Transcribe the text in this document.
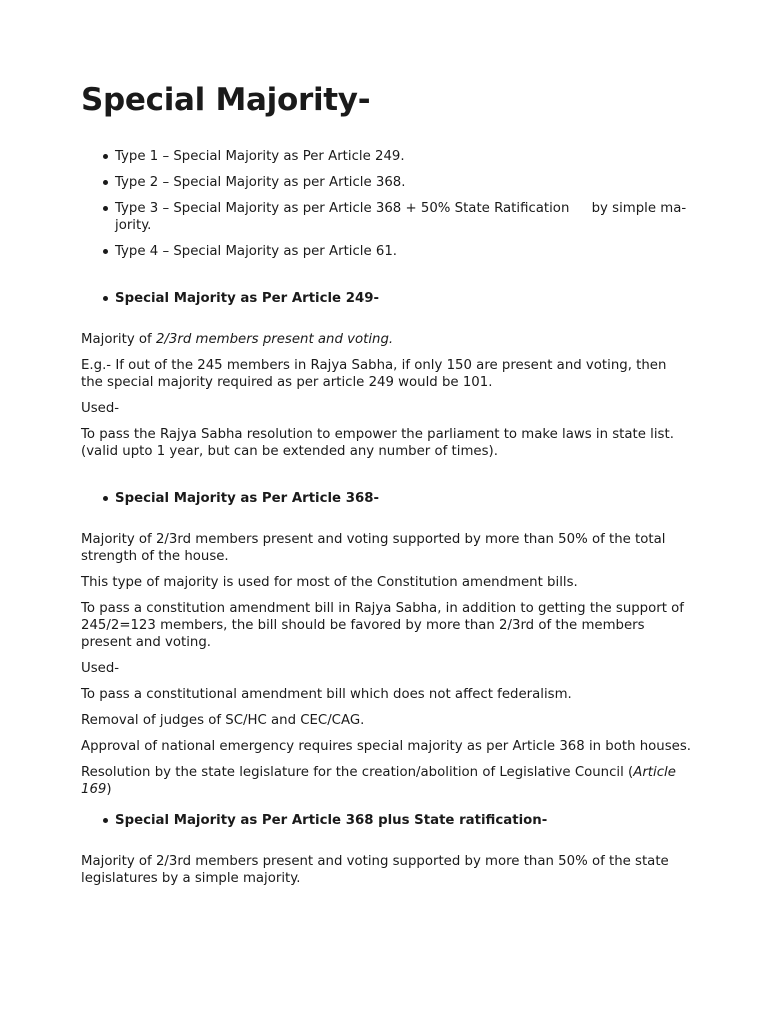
Special Majority-
Type 1 – Special Majority as Per Article 249.
Type 2 – Special Majority as per Article 368.
Type 3 – Special Majority as per Article 368 + 50% State Ratification by simple ma-jority.
Type 4 – Special Majority as per Article 61.
Special Majority as Per Article 249-

Majority of 2/3rd members present and voting.

E.g.- If out of the 245 members in Rajya Sabha, if only 150 are present and voting, then the special majority required as per article 249 would be 101.

Used-

To pass the Rajya Sabha resolution to empower the parliament to make laws in state list. (valid upto 1 year, but can be extended any number of times).

Special Majority as Per Article 368-

Majority of 2/3rd members present and voting supported by more than 50% of the total strength of the house.

This type of majority is used for most of the Constitution amendment bills.

To pass a constitution amendment bill in Rajya Sabha, in addition to getting the support of 245/2=123 members, the bill should be favored by more than 2/3rd of the members present and voting.

Used-

To pass a constitutional amendment bill which does not affect federalism.

Removal of judges of SC/HC and CEC/CAG.

Approval of national emergency requires special majority as per Article 368 in both houses.

Resolution by the state legislature for the creation/abolition of Legislative Council (Article 169)

Special Majority as Per Article 368 plus State ratification-

Majority of 2/3rd members present and voting supported by more than 50% of the state legislatures by a simple majority.
